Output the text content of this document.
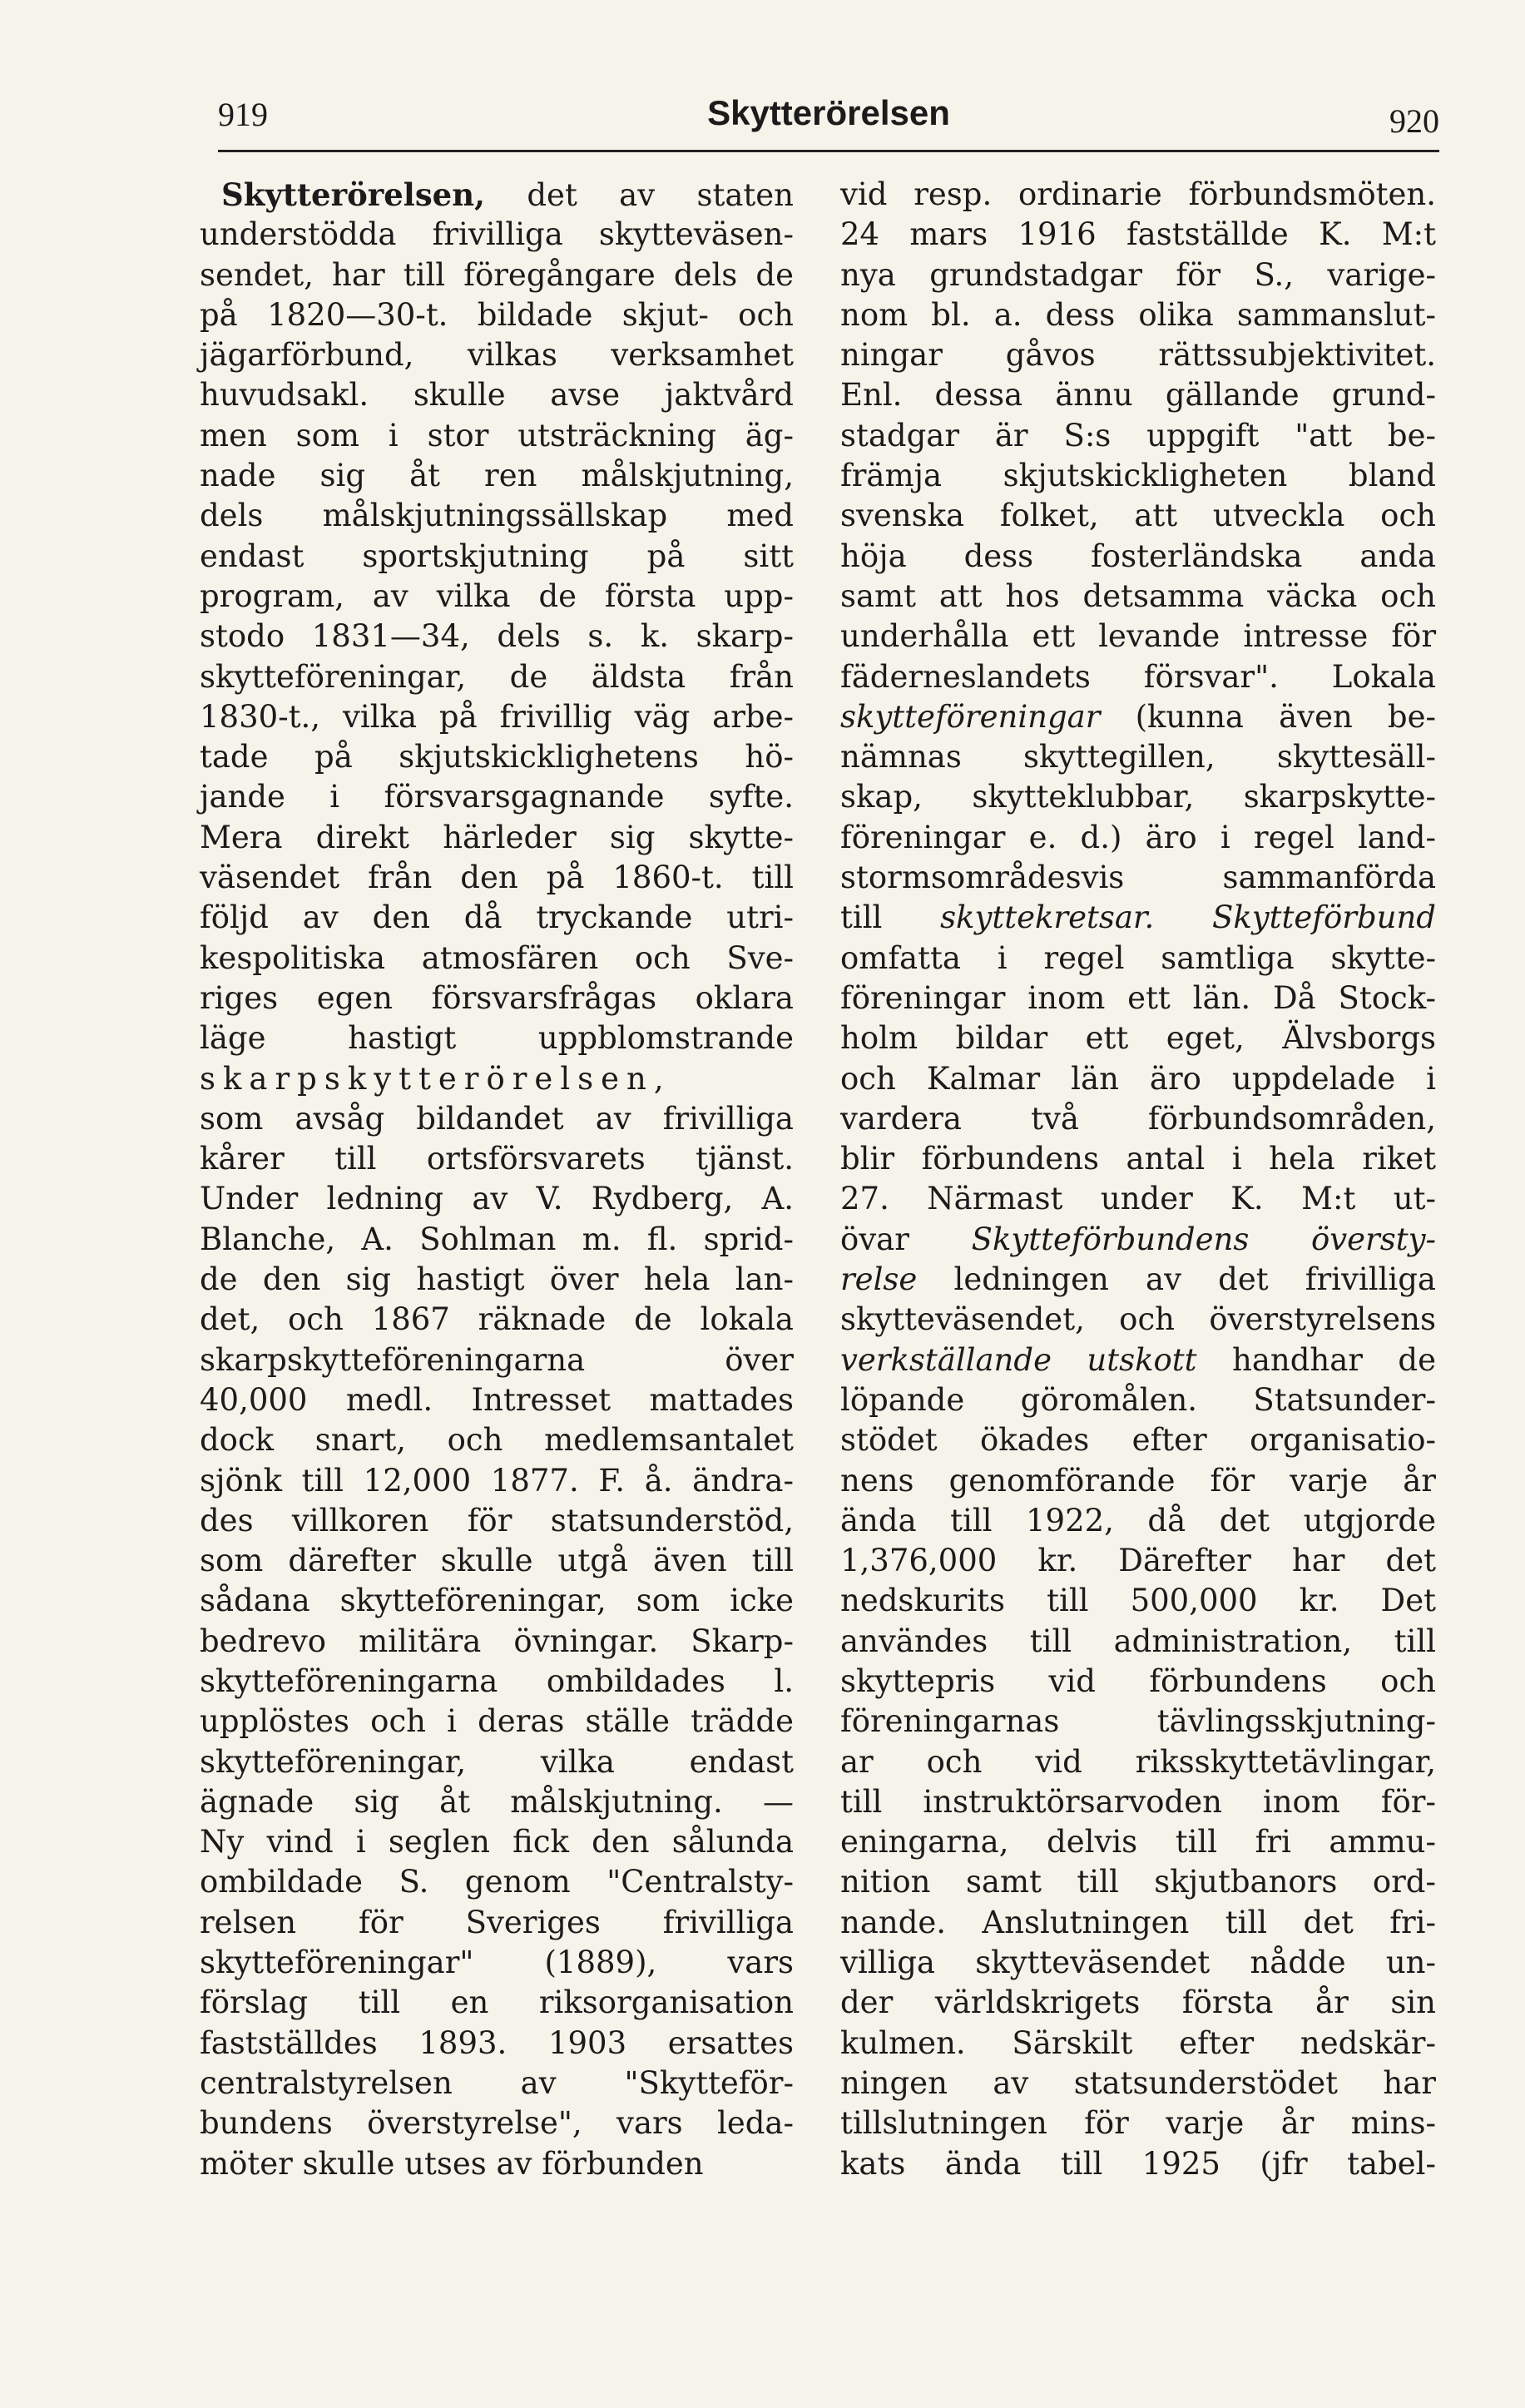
919	Skytterörelsen	920
Skytterörelsen, det av staten
understödda frivilliga skytteväsen-
sendet, har till föregångare dels de
på 1820—30-t. bildade skjut- och
jägarförbund, vilkas verksamhet
huvudsakl. skulle avse jaktvård
men som i stor utsträckning äg-
nade sig åt ren målskjutning,
dels målskjutningssällskap med
endast sportskjutning på sitt
program, av vilka de första upp-
stodo 1831—34, dels s. k. skarp-
skytteföreningar, de äldsta från
1830-t., vilka på frivillig väg arbe-
tade på skjutskicklighetens hö-
jande i försvarsgagnande syfte.
Mera direkt härleder sig skytte-
väsendet från den på 1860-t. till
följd av den då tryckande utri-
kespolitiska atmosfären och Sve-
riges egen försvarsfrågas oklara
läge hastigt uppblomstrande
skarpskytterörelsen,
som avsåg bildandet av frivilliga
kårer till ortsförsvarets tjänst.
Under ledning av V. Rydberg, A.
Blanche, A. Sohlman m. fl. sprid-
de den sig hastigt över hela lan-
det, och 1867 räknade de lokala
skarpskytteföreningarna över
40,000 medl. Intresset mattades
dock snart, och medlemsantalet
sjönk till 12,000 1877. F. å. ändra-
des villkoren för statsunderstöd,
som därefter skulle utgå även till
sådana skytteföreningar, som icke
bedrevo militära övningar. Skarp-
skytteföreningarna ombildades l.
upplöstes och i deras ställe trädde
skytteföreningar, vilka endast
ägnade sig åt målskjutning. —
Ny vind i seglen fick den sålunda
ombildade S. genom "Centralsty-
relsen för Sveriges frivilliga
skytteföreningar" (1889), vars
förslag till en riksorganisation
fastställdes 1893. 1903 ersattes
centralstyrelsen av "Skytteför-
bundens överstyrelse", vars leda-
möter skulle utses av förbunden
vid resp. ordinarie förbundsmöten.
24 mars 1916 fastställde K. M:t
nya grundstadgar för S., varige-
nom bl. a. dess olika sammanslut-
ningar gåvos rättssubjektivitet.
Enl. dessa ännu gällande grund-
stadgar är S:s uppgift "att be-
främja skjutskickligheten bland
svenska folket, att utveckla och
höja dess fosterländska anda
samt att hos detsamma väcka och
underhålla ett levande intresse för
fäderneslandets försvar". Lokala
skytteföreningar (kunna även be-
nämnas skyttegillen, skyttesäll-
skap, skytteklubbar, skarpskytte-
föreningar e. d.) äro i regel land-
stormsområdesvis sammanförda
till skyttekretsar. Skytteförbund
omfatta i regel samtliga skytte-
föreningar inom ett län. Då Stock-
holm bildar ett eget, Älvsborgs
och Kalmar län äro uppdelade i
vardera två förbundsområden,
blir förbundens antal i hela riket
27. Närmast under K. M:t ut-
övar Skytteförbundens översty-
relse ledningen av det frivilliga
skytteväsendet, och överstyrelsens
verkställande utskott handhar de
löpande göromålen. Statsunder-
stödet ökades efter organisatio-
nens genomförande för varje år
ända till 1922, då det utgjorde
1,376,000 kr. Därefter har det
nedskurits till 500,000 kr. Det
användes till administration, till
skyttepris vid förbundens och
föreningarnas tävlingsskjutning-
ar och vid riksskyttetävlingar,
till instruktörsarvoden inom för-
eningarna, delvis till fri ammu-
nition samt till skjutbanors ord-
nande. Anslutningen till det fri-
villiga skytteväsendet nådde un-
der världskrigets första år sin
kulmen. Särskilt efter nedskär-
ningen av statsunderstödet har
tillslutningen för varje år mins-
kats ända till 1925 (jfr tabel-
